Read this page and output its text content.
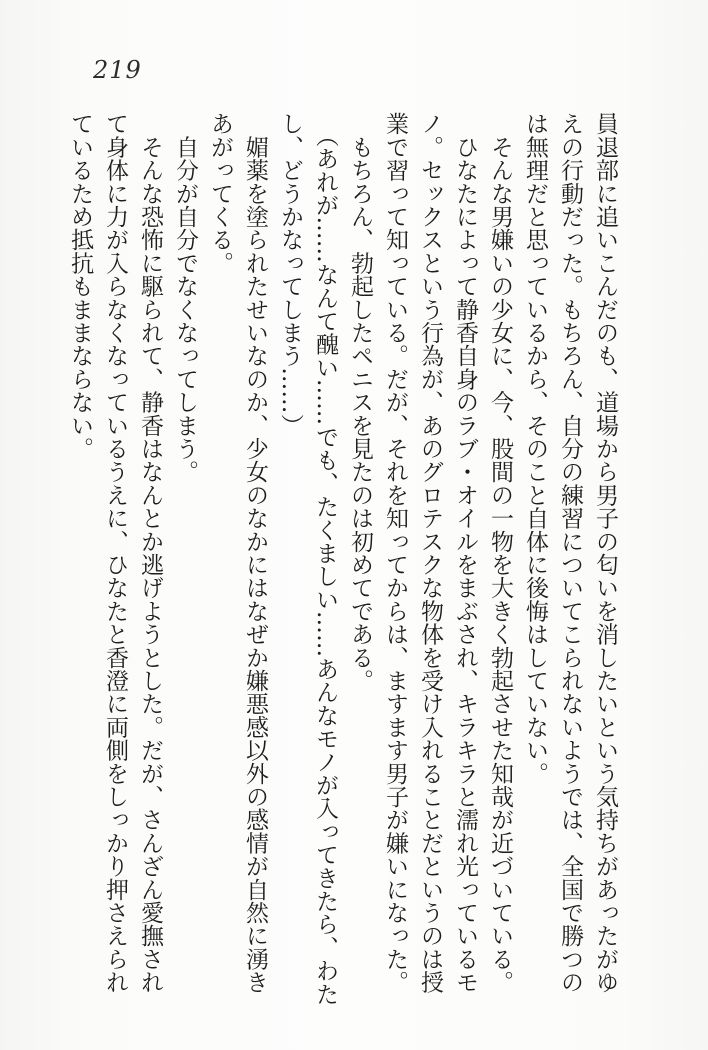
219
員退部に追いこんだのも、道場から男子の匂いを消したいという気持ちがあったがゆ
えの行動だった。もちろん、自分の練習についてこられないようでは、全国で勝つの
は無理だと思っているから、そのこと自体に後悔はしていない。
　そんな男嫌いの少女に、今、股間の一物を大きく勃起させた知哉が近づいている。
　ひなたによって静香自身のラブ・オイルをまぶされ、キラキラと濡れ光っているモ
ノ。セックスという行為が、あのグロテスクな物体を受け入れることだというのは授
業で習って知っている。だが、それを知ってからは、ますます男子が嫌いになった。
　もちろん、勃起したペニスを見たのは初めてである。
　（あれが……なんて醜い……でも、たくましい……あんなモノが入ってきたら、わた
し、どうかなってしまう……）
　媚薬を塗られたせいなのか、少女のなかにはなぜか嫌悪感以外の感情が自然に湧き
あがってくる。
　自分が自分でなくなってしまう。
　そんな恐怖に駆られて、静香はなんとか逃げようとした。だが、さんざん愛撫され
て身体に力が入らなくなっているうえに、ひなたと香澄に両側をしっかり押さえられ
ているため抵抗もままならない。
